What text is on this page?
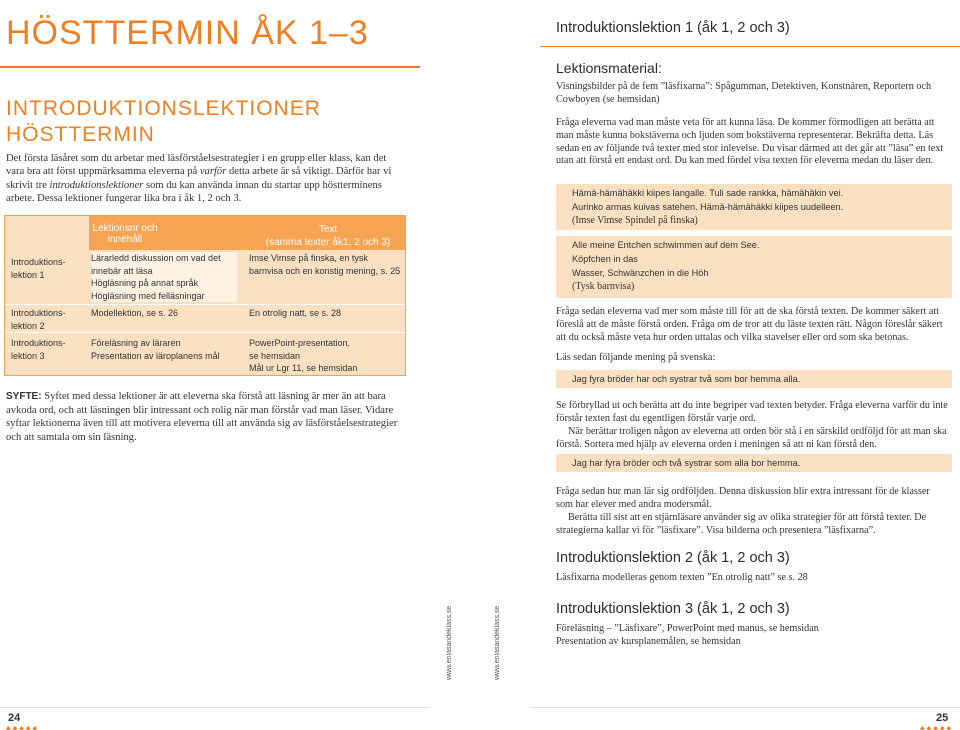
HÖSTTERMIN ÅK 1–3
INTRODUKTIONSLEKTIONER
HÖSTTERMIN

Det första läsåret som du arbetar med läsförståelsestrategier i en grupp eller klass, kan det vara bra att först uppmärksamma eleverna på varför detta arbete är så viktigt. Därför har vi skrivit tre introduktionslektioner som du kan använda innan du startar upp höstterminens arbete. Dessa lektioner fungerar lika bra i åk 1, 2 och 3.

Lektionsnr och innehåll
Text
(samma texter åk1, 2 och 3)
Introduktions-
lektion 1
Lärarledd diskussion om vad det
innebär att läsa
Högläsning på annat språk
Högläsning med felläsningar
Imse Vimse på finska, en tysk
barnvisa och en konstig mening, s. 25
Introduktions-
lektion 2
Modellektion, se s. 26	En otrolig natt, se s. 28
Introduktions-
lektion 3
Föreläsning av läraren
Presentation av läroplanens mål
PowerPoint-presentation,
se hemsidan
Mål ur Lgr 11, se hemsidan

SYFTE: Syftet med dessa lektioner är att eleverna ska förstå att läsning är mer än att bara avkoda ord, och att läsningen blir intressant och rolig när man förstår vad man läser. Vidare syftar lektionerna även till att motivera eleverna till att använda sig av läsförståelsestrategier och att samtala om sin läsning.

www.enlasandeklass.se	www.enlasandeklass.se
24
◆◆◆◆◆
Introduktionslektion 1 (åk 1, 2 och 3)
Lektionsmaterial:

Visningsbilder på de fem ”läsfixarna”: Spågumman, Detektiven, Konstnären, Reportern och Cowboyen (se hemsidan)

Fråga eleverna vad man måste veta för att kunna läsa. De kommer förmodligen att berätta att man måste kunna bokstäverna och ljuden som bokstäverna representerar. Bekräfta detta. Läs sedan en av följande två texter med stor inlevelse. Du visar därmed att det går att ”läsa” en text utan att förstå ett endast ord. Du kan med fördel visa texten för eleverna medan du läser den.

Hämä-hämähäkki kiipes langalle. Tuli sade rankka, hämähäkin vei.
Aurinko armas kuivas satehen. Hämä-hämähäkki kiipes uudelleen.
(Imse Vimse Spindel på finska)
Alle meine Entchen schwimmen auf dem See.
Köpfchen in das
Wasser, Schwänzchen in die Höh
(Tysk barnvisa)

Fråga sedan eleverna vad mer som måste till för att de ska förstå texten. De kommer säkert att föreslå att de måste förstå orden. Fråga om de tror att du läste texten rätt. Någon föreslår säkert att du också måste veta hur orden uttalas och vilka stavelser eller ord som ska betonas.

Läs sedan följande mening på svenska:

Jag fyra bröder har och systrar två som bor hemma alla.

Se förbryllad ut och berätta att du inte begriper vad texten betyder. Fråga eleverna varför du inte förstår texten fast du egentligen förstår varje ord.

När berättar troligen någon av eleverna att orden bör stå i en särskild ordföljd för att man ska förstå. Sortera med hjälp av eleverna orden i meningen så att ni kan förstå den.

Jag har fyra bröder och två systrar som alla bor hemma.

Fråga sedan hur man lär sig ordföljden. Denna diskussion blir extra intressant för de klasser som har elever med andra modersmål.

Berätta till sist att en stjärnläsare använder sig av olika strategier för att förstå texter. De strategierna kallar vi för ”läsfixare”. Visa bilderna och presentera ”läsfixarna”.

Introduktionslektion 2 (åk 1, 2 och 3)

Läsfixarna modelleras genom texten ”En otrolig natt” se s. 28

Introduktionslektion 3 (åk 1, 2 och 3)

Föreläsning – ”Läsfixare”, PowerPoint med manus, se hemsidan

Presentation av kursplanemålen, se hemsidan

25
◆◆◆◆◆
